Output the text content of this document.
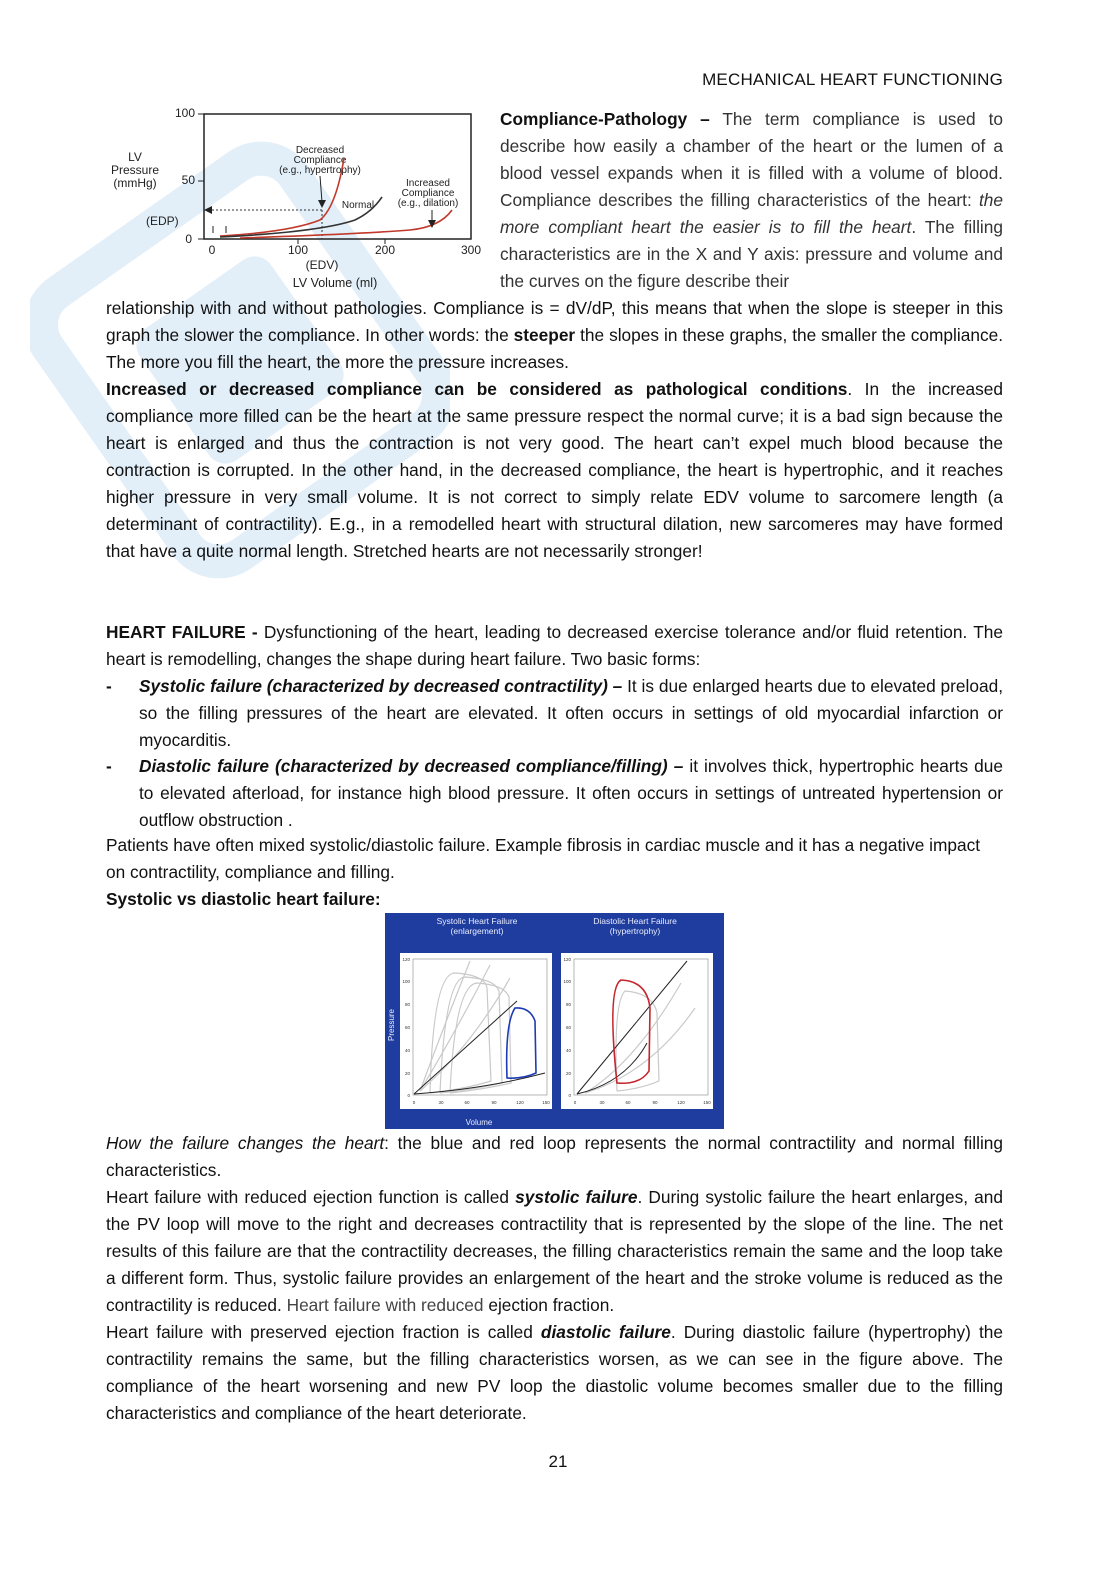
MECHANICAL HEART FUNCTIONING
LV
Pressure
(mmHg)
100
50
0
(EDP)
0	100	200	300
(EDV)
LV Volume (ml)
Decreased
Compliance
(e.g., hypertrophy)
Increased
Compliance
(e.g., dilation)
Normal

Compliance-Pathology – The term compliance is used to describe how easily a chamber of the heart or the lumen of a blood vessel expands when it is filled with a volume of blood. Compliance describes the filling characteristics of the heart: the more compliant heart the easier is to fill the heart. The filling characteristics are in the X and Y axis: pressure and volume and the curves on the figure describe their

relationship with and without pathologies. Compliance is = dV/dP, this means that when the slope is steeper in this graph the slower the compliance. In other words: the steeper the slopes in these graphs, the smaller the compliance. The more you fill the heart, the more the pressure increases.

Increased or decreased compliance can be considered as pathological conditions. In the increased compliance more filled can be the heart at the same pressure respect the normal curve; it is a bad sign because the heart is enlarged and thus the contraction is not very good. The heart can’t expel much blood because the contraction is corrupted. In the other hand, in the decreased compliance, the heart is hypertrophic, and it reaches higher pressure in very small volume. It is not correct to simply relate EDV volume to sarcomere length (a determinant of contractility). E.g., in a remodelled heart with structural dilation, new sarcomeres may have formed that have a quite normal length. Stretched hearts are not necessarily stronger!

HEART FAILURE - Dysfunctioning of the heart, leading to decreased exercise tolerance and/or fluid retention. The heart is remodelling, changes the shape during heart failure. Two basic forms:

- Systolic failure (characterized by decreased contractility) – It is due enlarged hearts due to elevated preload, so the filling pressures of the heart are elevated. It often occurs in settings of old myocardial infarction or myocarditis.
- Diastolic failure (characterized by decreased compliance/filling) – it involves thick, hypertrophic hearts due to elevated afterload, for instance high blood pressure. It often occurs in settings of untreated hypertension or outflow obstruction .

Patients have often mixed systolic/diastolic failure. Example fibrosis in cardiac muscle and it has a negative impact on contractility, compliance and filling.

Systolic vs diastolic heart failure:

Systolic Heart Failure
(enlargement)
Diastolic Heart Failure
(hypertrophy)
Volume
Pressure
120
100
80
60
40
20
0
0	30	60	90	120	150
120
100
80
60
40
20
0
0	30	60	90	120	150

How the failure changes the heart: the blue and red loop represents the normal contractility and normal filling characteristics.

Heart failure with reduced ejection function is called systolic failure. During systolic failure the heart enlarges, and the PV loop will move to the right and decreases contractility that is represented by the slope of the line. The net results of this failure are that the contractility decreases, the filling characteristics remain the same and the loop take a different form. Thus, systolic failure provides an enlargement of the heart and the stroke volume is reduced as the contractility is reduced. Heart failure with reduced ejection fraction.

Heart failure with preserved ejection fraction is called diastolic failure. During diastolic failure (hypertrophy) the contractility remains the same, but the filling characteristics worsen, as we can see in the figure above. The compliance of the heart worsening and new PV loop the diastolic volume becomes smaller due to the filling characteristics and compliance of the heart deteriorate.

21
